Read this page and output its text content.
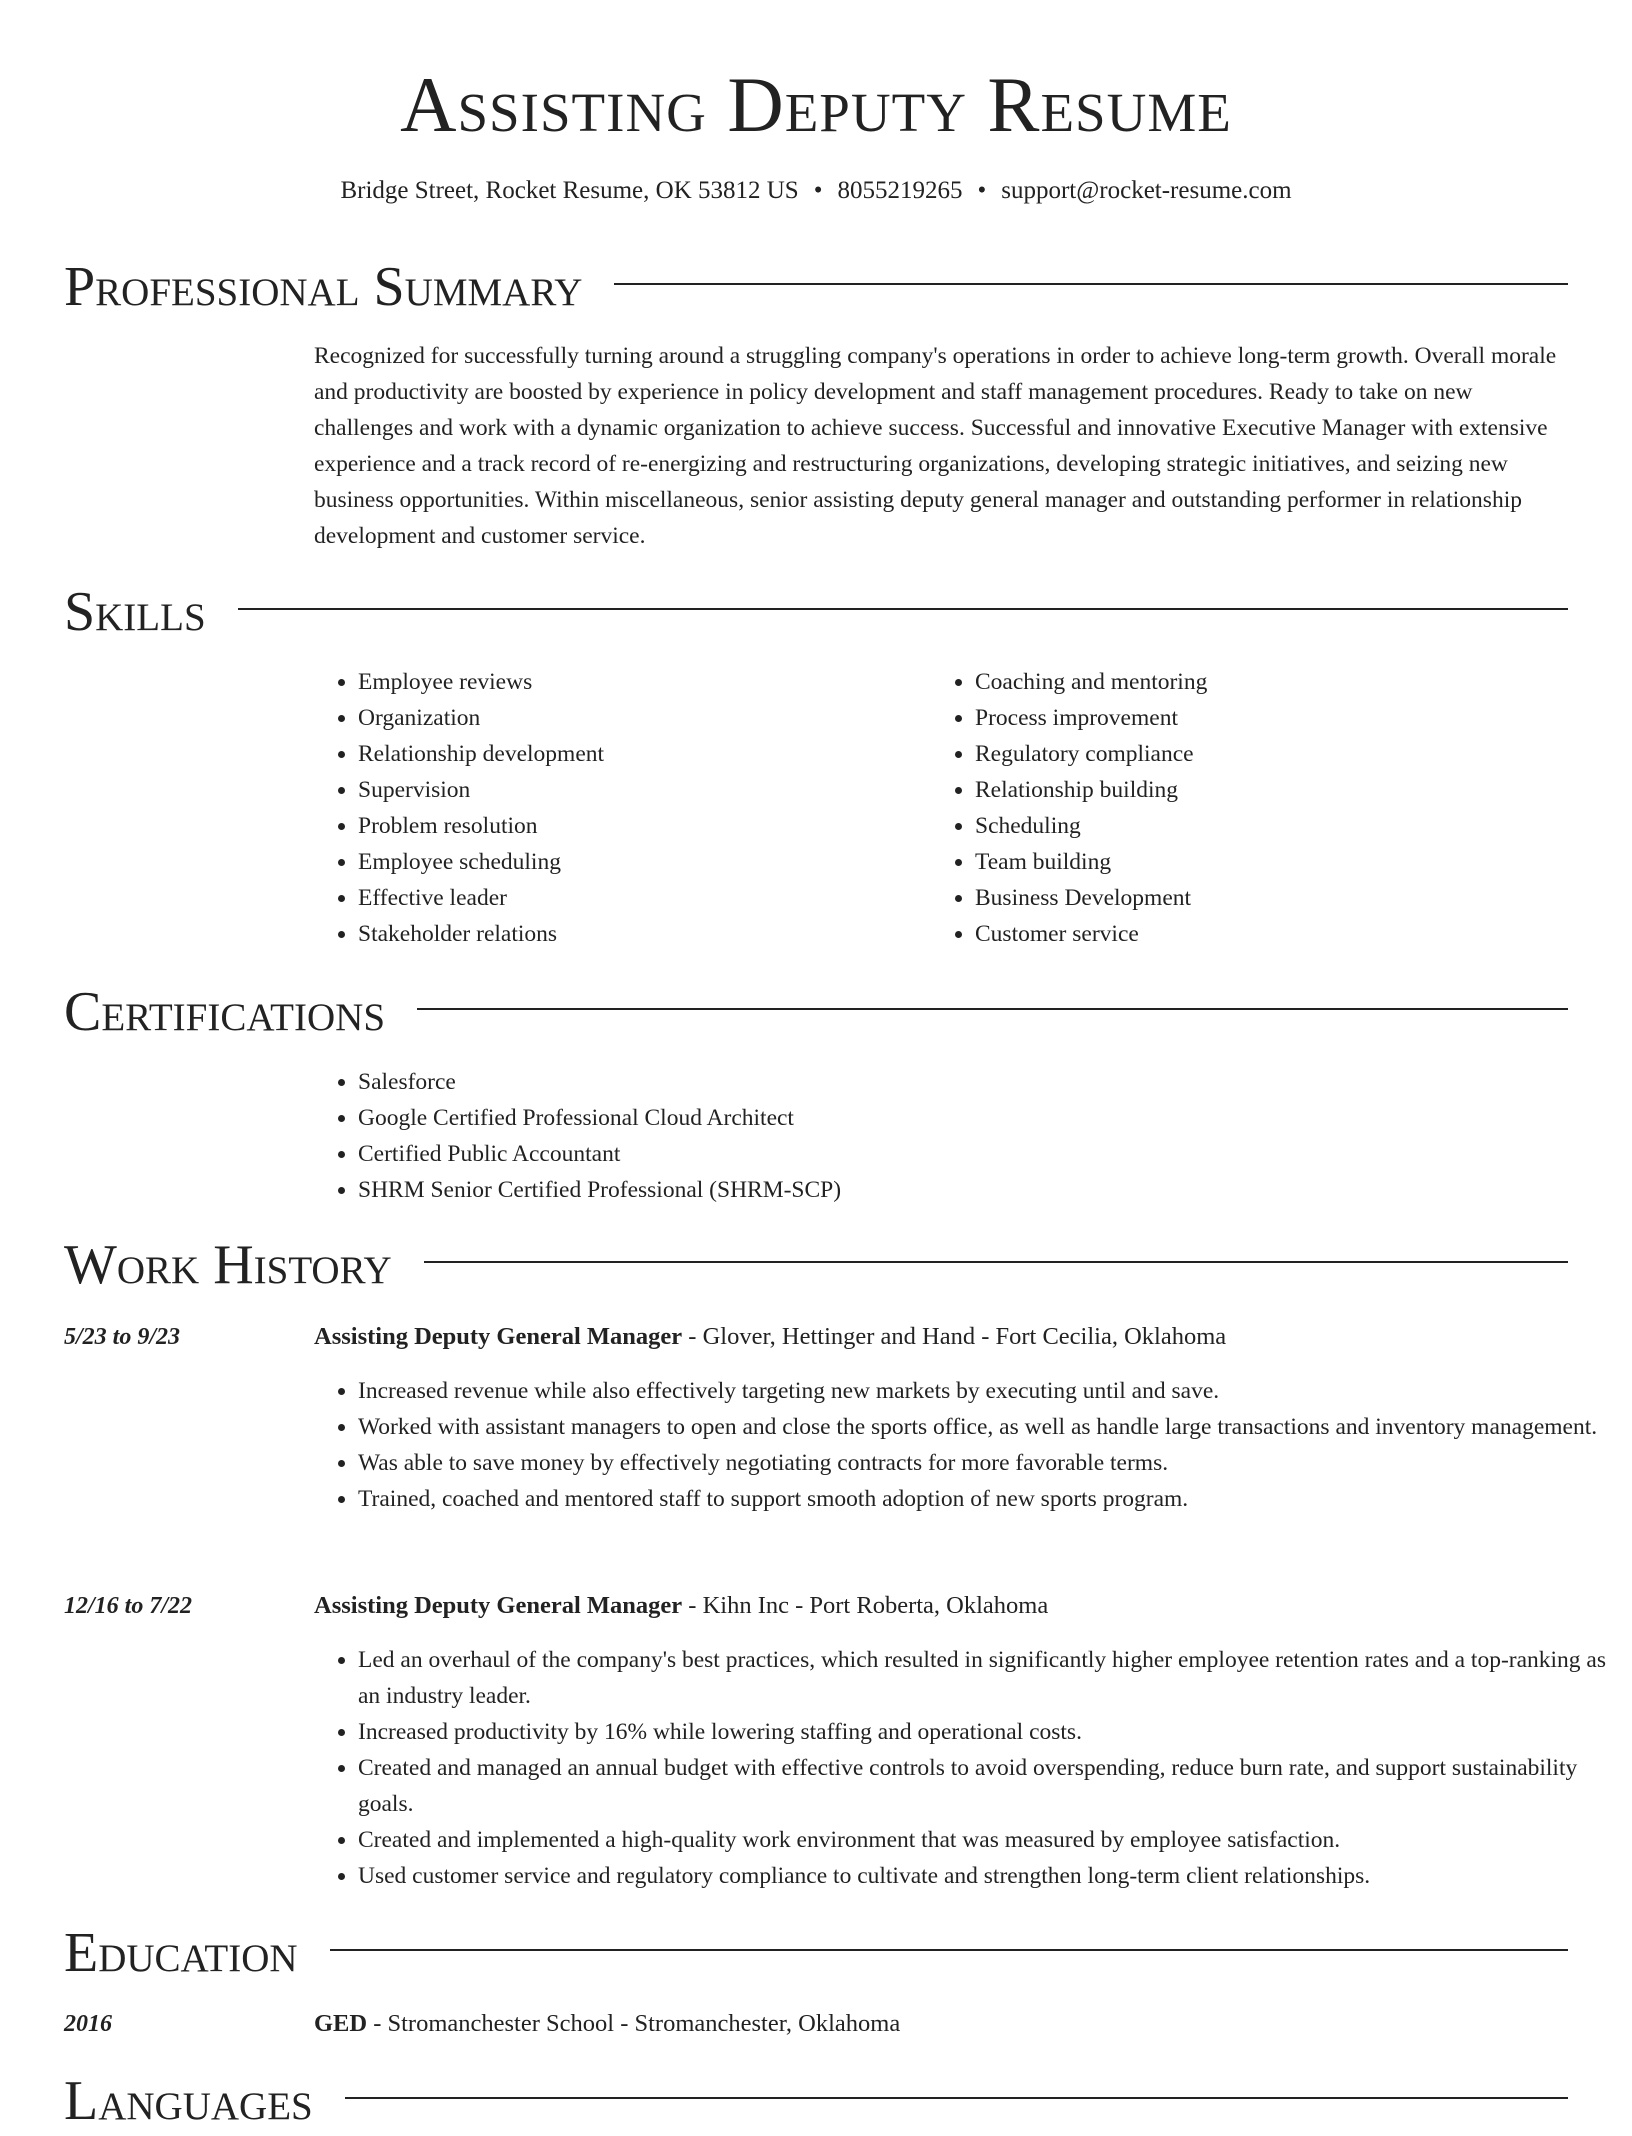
Assisting Deputy Resume
Bridge Street, Rocket Resume, OK 53812 US • 8055219265 • support@rocket-resume.com
Professional Summary

Recognized for successfully turning around a struggling company's operations in order to achieve long-term growth. Overall morale and productivity are boosted by experience in policy development and staff management procedures. Ready to take on new challenges and work with a dynamic organization to achieve success. Successful and innovative Executive Manager with extensive experience and a track record of re-energizing and restructuring organizations, developing strategic initiatives, and seizing new business opportunities. Within miscellaneous, senior assisting deputy general manager and outstanding performer in relationship development and customer service.

Skills
• Employee reviews
• Organization
• Relationship development
• Supervision
• Problem resolution
• Employee scheduling
• Effective leader
• Stakeholder relations
• Coaching and mentoring
• Process improvement
• Regulatory compliance
• Relationship building
• Scheduling
• Team building
• Business Development
• Customer service
Certifications
• Salesforce
• Google Certified Professional Cloud Architect
• Certified Public Accountant
• SHRM Senior Certified Professional (SHRM-SCP)
Work History
5/23 to 9/23	Assisting Deputy General Manager - Glover, Hettinger and Hand - Fort Cecilia, Oklahoma
• Increased revenue while also effectively targeting new markets by executing until and save.
• Worked with assistant managers to open and close the sports office, as well as handle large transactions and inventory management.
• Was able to save money by effectively negotiating contracts for more favorable terms.
• Trained, coached and mentored staff to support smooth adoption of new sports program.
12/16 to 7/22	Assisting Deputy General Manager - Kihn Inc - Port Roberta, Oklahoma
• Led an overhaul of the company's best practices, which resulted in significantly higher employee retention rates and a top-ranking as an industry leader.
• Increased productivity by 16% while lowering staffing and operational costs.
• Created and managed an annual budget with effective controls to avoid overspending, reduce burn rate, and support sustainability goals.
• Created and implemented a high-quality work environment that was measured by employee satisfaction.
• Used customer service and regulatory compliance to cultivate and strengthen long-term client relationships.
Education
2016	GED - Stromanchester School - Stromanchester, Oklahoma
Languages
